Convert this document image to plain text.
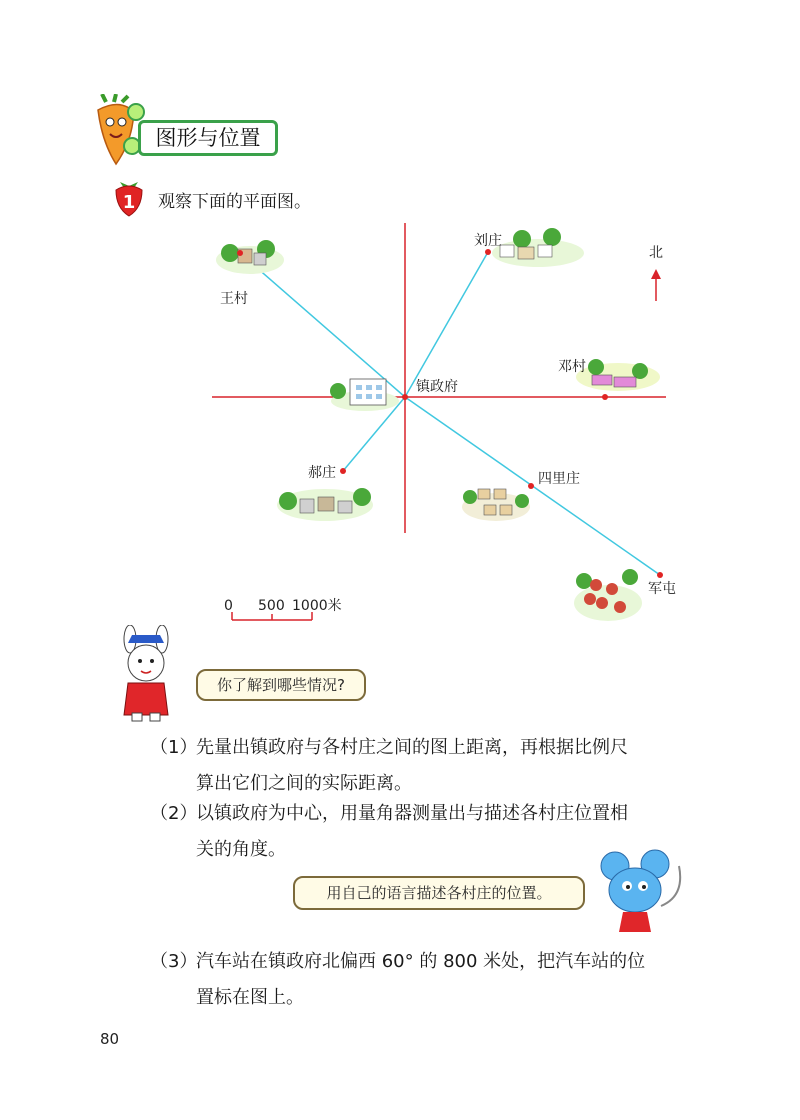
图形与位置
1 观察下面的平面图。
王村
刘庄
邓村
镇政府
郝庄	四里庄
军屯
北
0 500 1000米
你了解到哪些情况?
（1）先量出镇政府与各村庄之间的图上距离，再根据比例尺
算出它们之间的实际距离。
（2）以镇政府为中心，用量角器测量出与描述各村庄位置相
关的角度。
用自己的语言描述各村庄的位置。
（3）汽车站在镇政府北偏西 60° 的 800 米处，把汽车站的位
置标在图上。
80
